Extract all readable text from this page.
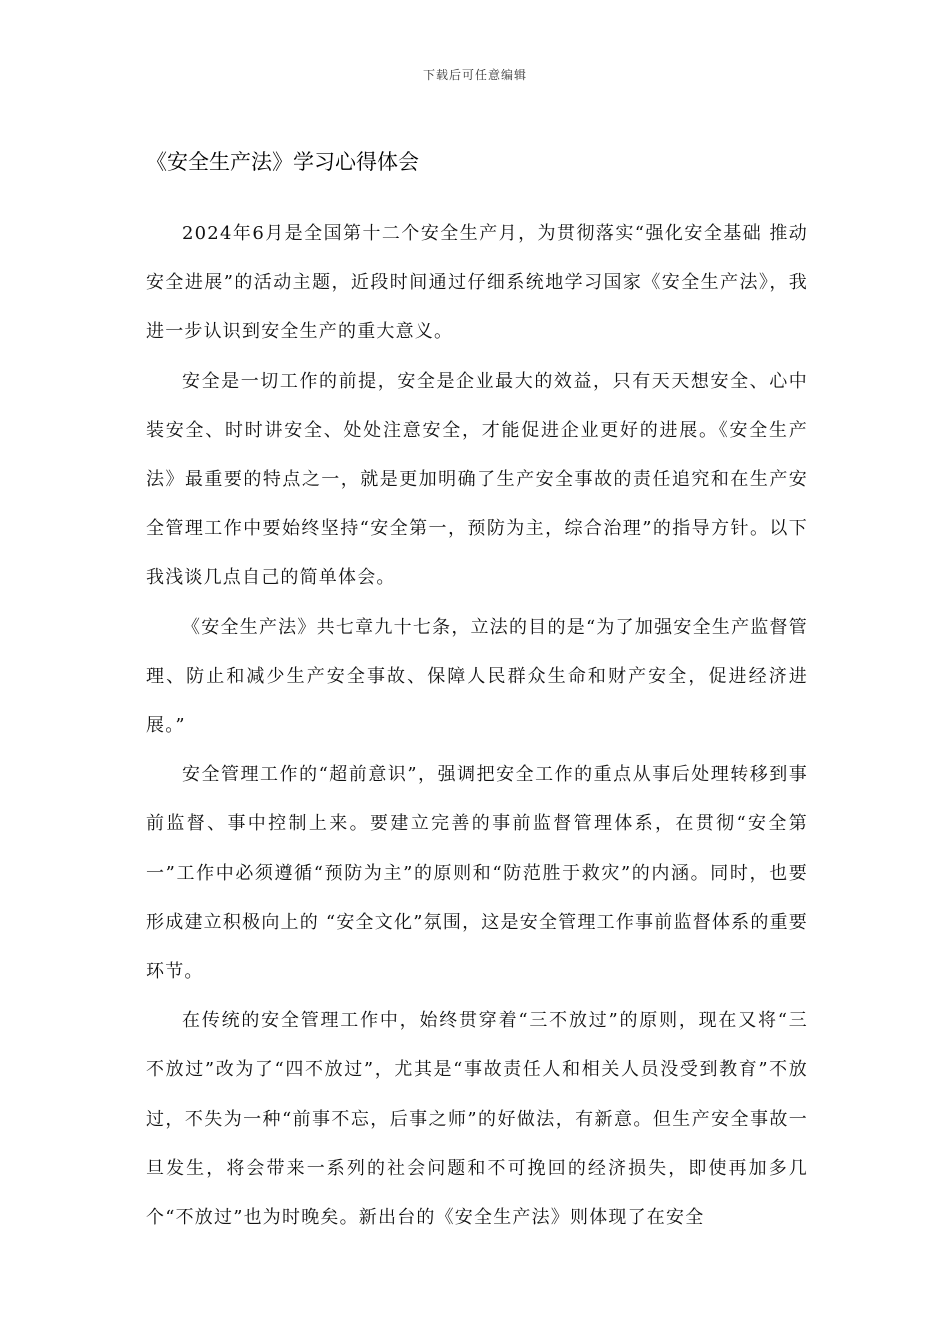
下载后可任意编辑
《安全生产法》学习心得体会

2024年6月是全国第十二个安全生产月，为贯彻落实“强化安全基础 推动安全进展”的活动主题，近段时间通过仔细系统地学习国家《安全生产法》，我进一步认识到安全生产的重大意义。

安全是一切工作的前提，安全是企业最大的效益，只有天天想安全、心中装安全、时时讲安全、处处注意安全，才能促进企业更好的进展。《安全生产法》最重要的特点之一，就是更加明确了生产安全事故的责任追究和在生产安全管理工作中要始终坚持“安全第一，预防为主，综合治理”的指导方针。以下我浅谈几点自己的简单体会。

《安全生产法》共七章九十七条，立法的目的是“为了加强安全生产监督管理、防止和减少生产安全事故、保障人民群众生命和财产安全，促进经济进展。”

安全管理工作的“超前意识”，强调把安全工作的重点从事后处理转移到事前监督、事中控制上来。要建立完善的事前监督管理体系，在贯彻“安全第一”工作中必须遵循“预防为主”的原则和“防范胜于救灾”的内涵。同时，也要形成建立积极向上的 “安全文化”氛围，这是安全管理工作事前监督体系的重要环节。

在传统的安全管理工作中，始终贯穿着“三不放过”的原则，现在又将“三不放过”改为了“四不放过”，尤其是“事故责任人和相关人员没受到教育”不放过，不失为一种“前事不忘，后事之师”的好做法，有新意。但生产安全事故一旦发生，将会带来一系列的社会问题和不可挽回的经济损失，即使再加多几个“不放过”也为时晚矣。新出台的《安全生产法》则体现了在安全
